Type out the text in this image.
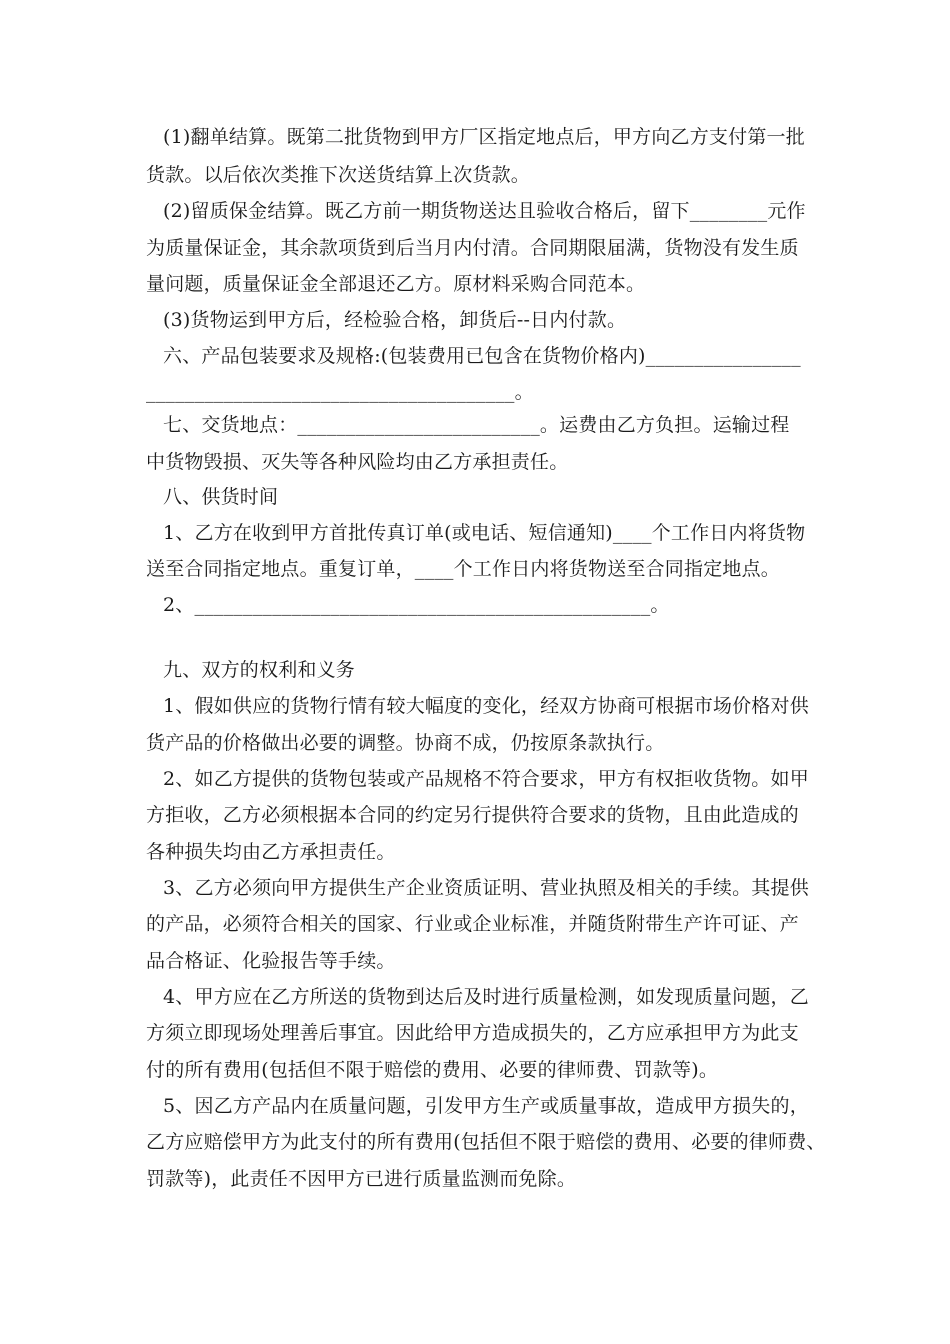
(1)翻单结算。既第二批货物到甲方厂区指定地点后，甲方向乙方支付第一批
货款。以后依次类推下次送货结算上次货款。
(2)留质保金结算。既乙方前一期货物送达且验收合格后，留下________元作
为质量保证金，其余款项货到后当月内付清。合同期限届满，货物没有发生质
量问题，质量保证金全部退还乙方。原材料采购合同范本。
(3)货物运到甲方后，经检验合格，卸货后--日内付款。
六、产品包装要求及规格:(包装费用已包含在货物价格内)________________
______________________________________。
七、交货地点：_________________________。运费由乙方负担。运输过程
中货物毁损、灭失等各种风险均由乙方承担责任。
八、供货时间
1、乙方在收到甲方首批传真订单(或电话、短信通知)____个工作日内将货物
送至合同指定地点。重复订单，____个工作日内将货物送至合同指定地点。
2、_______________________________________________。
九、双方的权利和义务
1、假如供应的货物行情有较大幅度的变化，经双方协商可根据市场价格对供
货产品的价格做出必要的调整。协商不成，仍按原条款执行。
2、如乙方提供的货物包装或产品规格不符合要求，甲方有权拒收货物。如甲
方拒收，乙方必须根据本合同的约定另行提供符合要求的货物，且由此造成的
各种损失均由乙方承担责任。
3、乙方必须向甲方提供生产企业资质证明、营业执照及相关的手续。其提供
的产品，必须符合相关的国家、行业或企业标准，并随货附带生产许可证、产
品合格证、化验报告等手续。
4、甲方应在乙方所送的货物到达后及时进行质量检测，如发现质量问题，乙
方须立即现场处理善后事宜。因此给甲方造成损失的，乙方应承担甲方为此支
付的所有费用(包括但不限于赔偿的费用、必要的律师费、罚款等)。
5、因乙方产品内在质量问题，引发甲方生产或质量事故，造成甲方损失的，
乙方应赔偿甲方为此支付的所有费用(包括但不限于赔偿的费用、必要的律师费、
罚款等)，此责任不因甲方已进行质量监测而免除。
